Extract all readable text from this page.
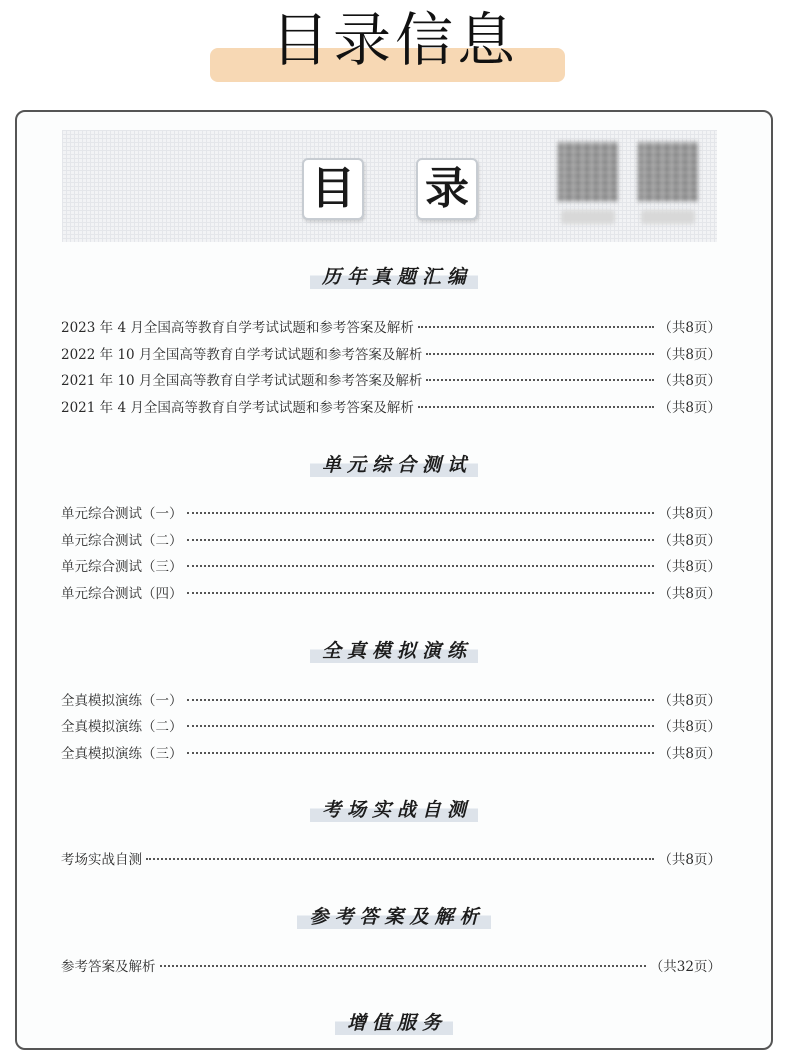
目录信息
目 录
历年真题汇编
2023 年 4 月全国高等教育自学考试试题和参考答案及解析	（共8页）
2022 年 10 月全国高等教育自学考试试题和参考答案及解析	（共8页）
2021 年 10 月全国高等教育自学考试试题和参考答案及解析	（共8页）
2021 年 4 月全国高等教育自学考试试题和参考答案及解析	（共8页）
单元综合测试
单元综合测试（一）	（共8页）
单元综合测试（二）	（共8页）
单元综合测试（三）	（共8页）
单元综合测试（四）	（共8页）
全真模拟演练
全真模拟演练（一）	（共8页）
全真模拟演练（二）	（共8页）
全真模拟演练（三）	（共8页）
考场实战自测
考场实战自测	（共8页）
参考答案及解析
参考答案及解析	（共32页）
增值服务
